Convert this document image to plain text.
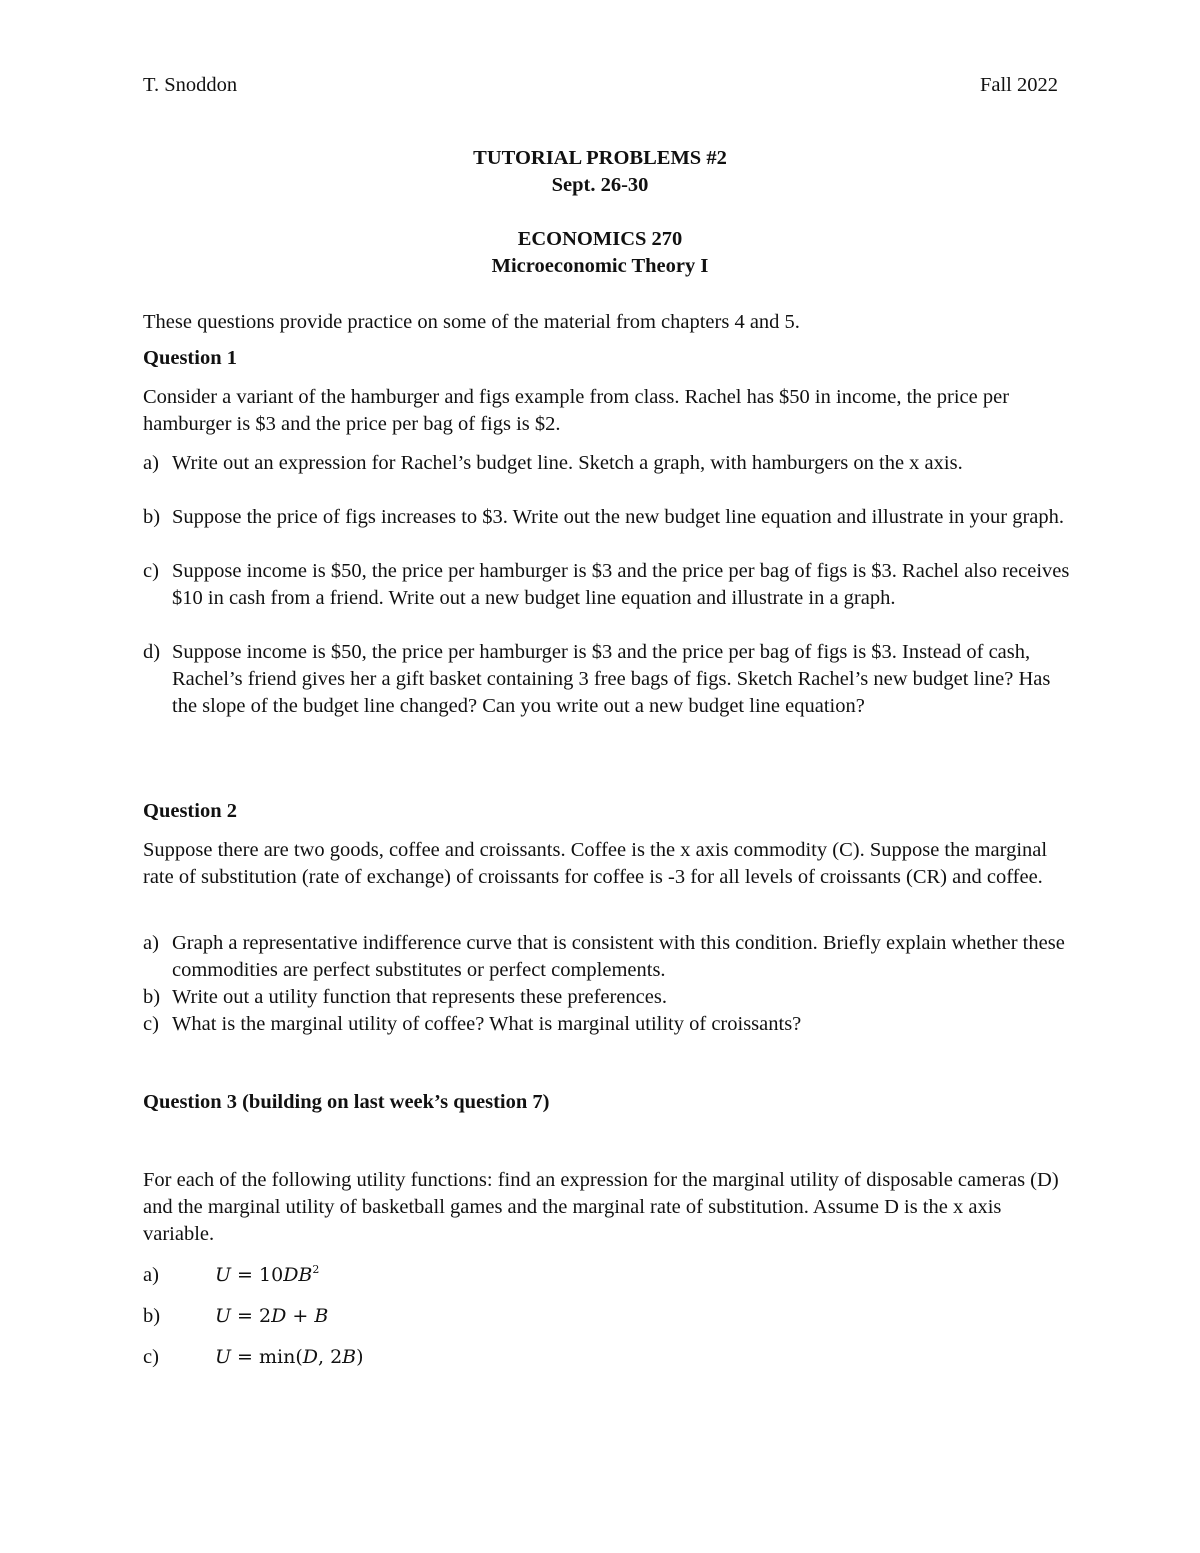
T. Snoddon	Fall 2022
TUTORIAL PROBLEMS #2
Sept. 26-30
ECONOMICS 270
Microeconomic Theory I
These questions provide practice on some of the material from chapters 4 and 5.
Question 1
Consider a variant of the hamburger and figs example from class. Rachel has $50 in income, the price per hamburger is $3 and the price per bag of figs is $2.
a) Write out an expression for Rachel’s budget line. Sketch a graph, with hamburgers on the x axis.
b) Suppose the price of figs increases to $3. Write out the new budget line equation and illustrate in your graph.
c) Suppose income is $50, the price per hamburger is $3 and the price per bag of figs is $3. Rachel also receives $10 in cash from a friend. Write out a new budget line equation and illustrate in a graph.
d) Suppose income is $50, the price per hamburger is $3 and the price per bag of figs is $3. Instead of cash, Rachel’s friend gives her a gift basket containing 3 free bags of figs. Sketch Rachel’s new budget line? Has the slope of the budget line changed? Can you write out a new budget line equation?
Question 2
Suppose there are two goods, coffee and croissants. Coffee is the x axis commodity (C). Suppose the marginal rate of substitution (rate of exchange) of croissants for coffee is -3 for all levels of croissants (CR) and coffee.
a) Graph a representative indifference curve that is consistent with this condition. Briefly explain whether these commodities are perfect substitutes or perfect complements.
b) Write out a utility function that represents these preferences.
c) What is the marginal utility of coffee? What is marginal utility of croissants?
Question 3 (building on last week’s question 7)
For each of the following utility functions: find an expression for the marginal utility of disposable cameras (D) and the marginal utility of basketball games and the marginal rate of substitution. Assume D is the x axis variable.
a)	$U = 10DB^2$
b)	U = 2D + B
c)	U = min(D, 2B)
